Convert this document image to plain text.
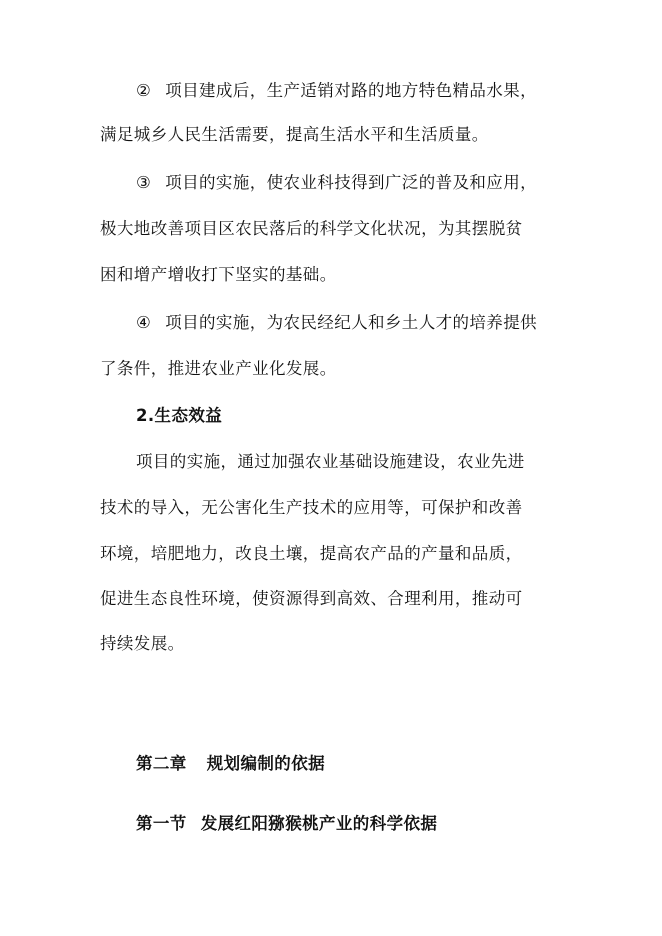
② 项目建成后，生产适销对路的地方特色精品水果，
满足城乡人民生活需要，提高生活水平和生活质量。
③ 项目的实施，使农业科技得到广泛的普及和应用，
极大地改善项目区农民落后的科学文化状况，为其摆脱贫
困和增产增收打下坚实的基础。
④ 项目的实施，为农民经纪人和乡土人才的培养提供
了条件，推进农业产业化发展。
2.生态效益
项目的实施，通过加强农业基础设施建设，农业先进
技术的导入，无公害化生产技术的应用等，可保护和改善
环境，培肥地力，改良土壤，提高农产品的产量和品质，
促进生态良性环境，使资源得到高效、合理利用，推动可
持续发展。
第二章 规划编制的依据
第一节 发展红阳猕猴桃产业的科学依据
